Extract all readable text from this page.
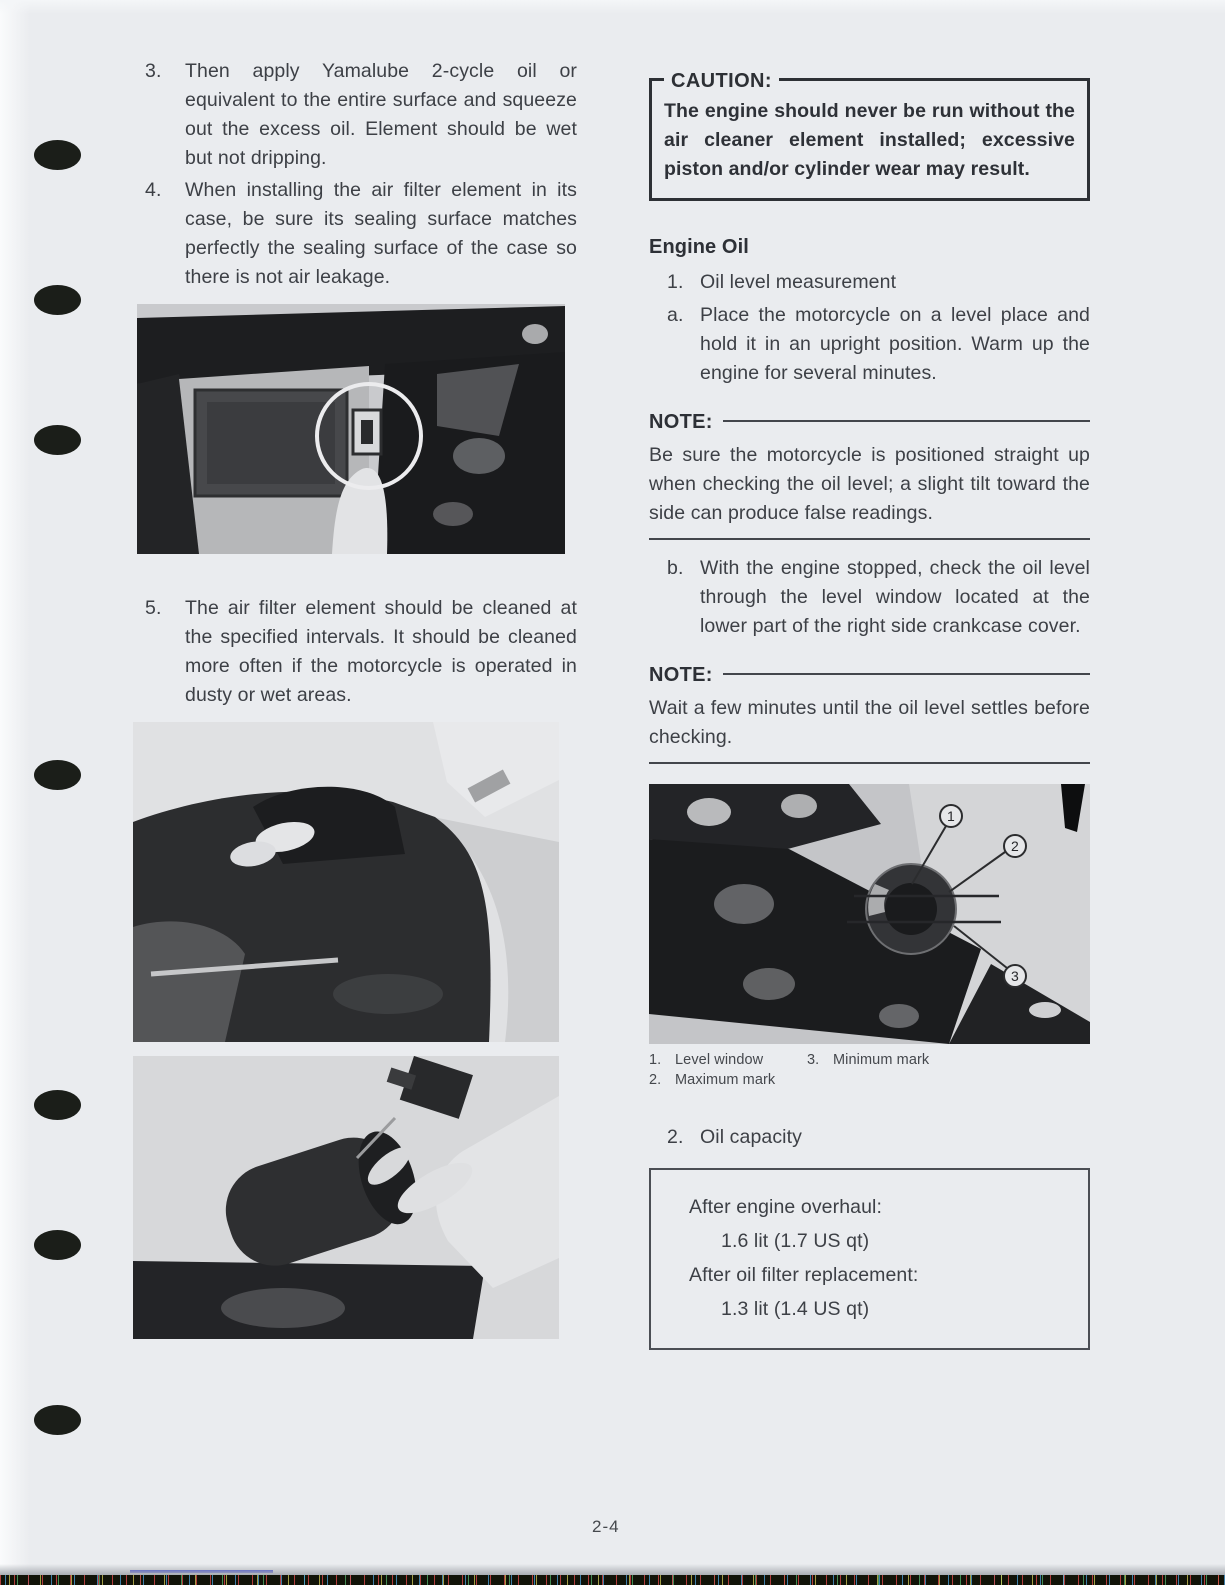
3.	Then apply Yamalube 2-cycle oil or equivalent to the entire surface and squeeze out the excess oil. Element should be wet but not dripping.
4.	When installing the air filter element in its case, be sure its sealing surface matches perfectly the sealing surface of the case so there is not air leakage.
5.	The air filter element should be cleaned at the specified intervals. It should be cleaned more often if the motorcycle is operated in dusty or wet areas.
CAUTION:
The engine should never be run without the air cleaner element installed; excessive piston and/or cylinder wear may result.
Engine Oil
1. Oil level measurement
a. Place the motorcycle on a level place and hold it in an upright position. Warm up the engine for several minutes.
NOTE:
Be sure the motorcycle is positioned straight up when checking the oil level; a slight tilt toward the side can produce false readings.
b. With the engine stopped, check the oil level through the level window located at the lower part of the right side crankcase cover.
NOTE:
Wait a few minutes until the oil level settles before checking.
1
2
3
1. Level window	3. Minimum mark
2. Maximum mark
2. Oil capacity
After engine overhaul:
1.6 lit (1.7 US qt)
After oil filter replacement:
1.3 lit (1.4 US qt)
2-4
